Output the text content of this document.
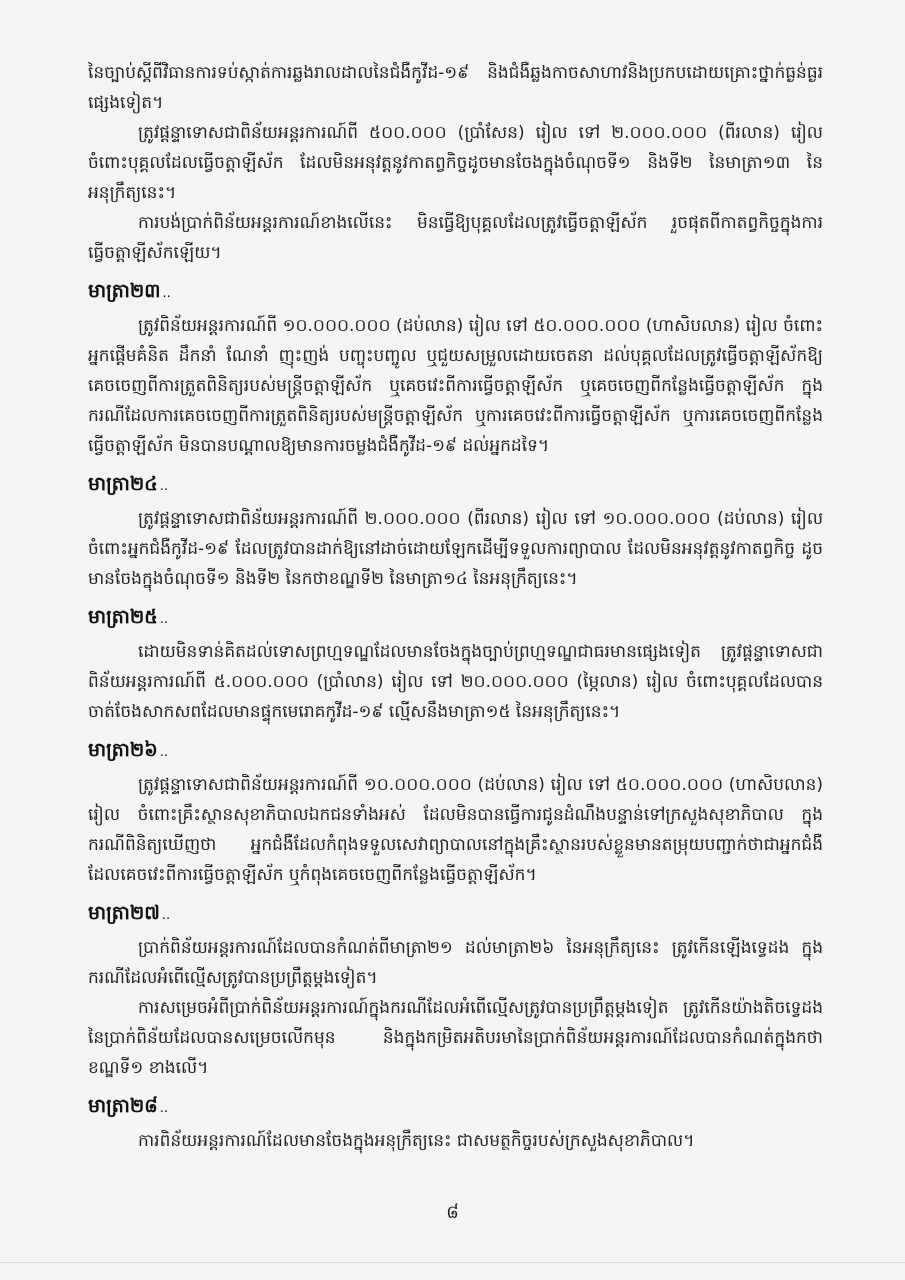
នៃច្បាប់ស្ដីពីវិធានការទប់ស្កាត់ការឆ្លងរាលដាលនៃជំងឺកូវីដ-១៩ និងជំងឺឆ្លងកាចសាហាវនិងប្រកបដោយគ្រោះថ្នាក់ធ្ងន់ធ្ងរផ្សេងទៀត។

ត្រូវផ្ដន្ទាទោសជាពិន័យអន្តរការណ៍ពី ៥០០.០០០ (ប្រាំសែន) រៀល ទៅ ២.០០០.០០០ (ពីរលាន) រៀល ចំពោះបុគ្គលដែលធ្វើចត្តាឡីស័ក ដែលមិនអនុវត្តនូវកាតព្វកិច្ចដូចមានចែងក្នុងចំណុចទី១ និងទី២ នៃមាត្រា១៣ នៃអនុក្រឹត្យនេះ។

ការបង់ប្រាក់ពិន័យអន្តរការណ៍ខាងលើនេះ មិនធ្វើឱ្យបុគ្គលដែលត្រូវធ្វើចត្តាឡីស័ក រួចផុតពីកាតព្វកិច្ចក្នុងការធ្វើចត្តាឡីស័កឡើយ។

មាត្រា២៣ ..

ត្រូវពិន័យអន្តរការណ៍ពី ១០.០០០.០០០ (ដប់លាន) រៀល ទៅ ៥០.០០០.០០០ (ហាសិបលាន) រៀល ចំពោះអ្នកផ្ដើមគំនិត ដឹកនាំ ណែនាំ ញុះញង់ បញ្ចុះបញ្ចូល ឬជួយសម្រួលដោយចេតនា ដល់បុគ្គលដែលត្រូវធ្វើចត្តាឡីស័កឱ្យគេចចេញពីការត្រួតពិនិត្យរបស់មន្ត្រីចត្តាឡីស័ក ឬគេចវេះពីការធ្វើចត្តាឡីស័ក ឬគេចចេញពីកន្លែងធ្វើចត្តាឡីស័ក ក្នុងករណីដែលការគេចចេញពីការត្រួតពិនិត្យរបស់មន្ត្រីចត្តាឡីស័ក ឬការគេចវេះពីការធ្វើចត្តាឡីស័ក ឬការគេចចេញពីកន្លែងធ្វើចត្តាឡីស័ក មិនបានបណ្ដាលឱ្យមានការចម្លងជំងឺកូវីដ-១៩ ដល់អ្នកដទៃ។

មាត្រា២៤ ..

ត្រូវផ្ដន្ទាទោសជាពិន័យអន្តរការណ៍ពី ២.០០០.០០០ (ពីរលាន) រៀល ទៅ ១០.០០០.០០០ (ដប់លាន) រៀល ចំពោះអ្នកជំងឺកូវីដ-១៩ ដែលត្រូវបានដាក់ឱ្យនៅដាច់ដោយឡែកដើម្បីទទួលការព្យាបាល ដែលមិនអនុវត្តនូវកាតព្វកិច្ច ដូចមានចែងក្នុងចំណុចទី១ និងទី២ នៃកថាខណ្ឌទី២ នៃមាត្រា១៤ នៃអនុក្រឹត្យនេះ។

មាត្រា២៥ ..

ដោយមិនទាន់គិតដល់ទោសព្រហ្មទណ្ឌដែលមានចែងក្នុងច្បាប់ព្រហ្មទណ្ឌជាធរមានផ្សេងទៀត ត្រូវផ្ដន្ទាទោសជាពិន័យអន្តរការណ៍ពី ៥.០០០.០០០ (ប្រាំលាន) រៀល ទៅ ២០.០០០.០០០ (ម្ភៃលាន) រៀល ចំពោះបុគ្គលដែលបានចាត់ចែងសាកសពដែលមានផ្ទុកមេរោគកូវីដ-១៩ ល្មើសនឹងមាត្រា១៥ នៃអនុក្រឹត្យនេះ។

មាត្រា២៦ ..

ត្រូវផ្ដន្ទាទោសជាពិន័យអន្តរការណ៍ពី ១០.០០០.០០០ (ដប់លាន) រៀល ទៅ ៥០.០០០.០០០ (ហាសិបលាន) រៀល ចំពោះគ្រឹះស្ថានសុខាភិបាលឯកជនទាំងអស់ ដែលមិនបានធ្វើការជូនដំណឹងបន្ទាន់ទៅក្រសួងសុខាភិបាល ក្នុងករណីពិនិត្យឃើញថា អ្នកជំងឺដែលកំពុងទទួលសេវាព្យាបាលនៅក្នុងគ្រឹះស្ថានរបស់ខ្លួនមានតម្រុយបញ្ជាក់ថាជាអ្នកជំងឺដែលគេចវេះពីការធ្វើចត្តាឡីស័ក ឬកំពុងគេចចេញពីកន្លែងធ្វើចត្តាឡីស័ក។

មាត្រា២៧ ..

ប្រាក់ពិន័យអន្តរការណ៍ដែលបានកំណត់ពីមាត្រា២១ ដល់មាត្រា២៦ នៃអនុក្រឹត្យនេះ ត្រូវកើនឡើងទ្វេដង ក្នុងករណីដែលអំពើល្មើសត្រូវបានប្រព្រឹត្តម្តងទៀត។

ការសម្រេចអំពីប្រាក់ពិន័យអន្តរការណ៍ក្នុងករណីដែលអំពើល្មើសត្រូវបានប្រព្រឹត្តម្តងទៀត ត្រូវកើនយ៉ាងតិចទ្វេដងនៃប្រាក់ពិន័យដែលបានសម្រេចលើកមុន និងក្នុងកម្រិតអតិបរមានៃប្រាក់ពិន័យអន្តរការណ៍ដែលបានកំណត់ក្នុងកថាខណ្ឌទី១ ខាងលើ។

មាត្រា២៨ ..

ការពិន័យអន្តរការណ៍ដែលមានចែងក្នុងអនុក្រឹត្យនេះ ជាសមត្ថកិច្ចរបស់ក្រសួងសុខាភិបាល។

៨
